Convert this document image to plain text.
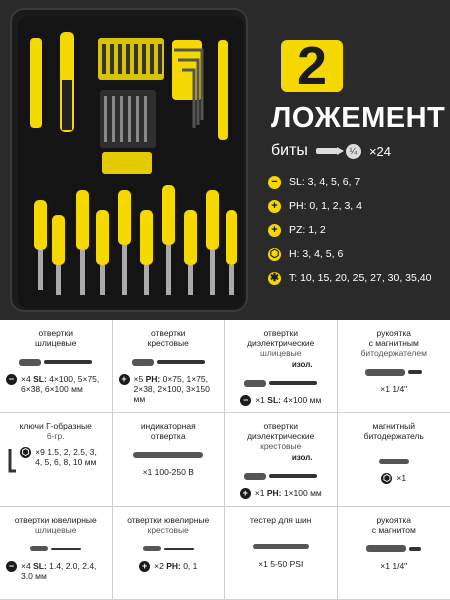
2
ЛОЖЕМЕНТ
биты	¼ ×24
−	SL: 3, 4, 5, 6, 7
+	PH: 0, 1, 2, 3, 4
+	PZ: 1, 2
⬡ H: 3, 4, 5, 6
✱ T: 10, 15, 20, 25, 27, 30, 35,40
отвертки
шлицевые
− ×4 SL: 4×100, 5×75, 6×38, 6×100 мм
отвертки
крестовые
+ ×5 PH: 0×75, 1×75, 2×38, 2×100, 3×150 мм
отвертки
диэлектрические
шлицевые
изол.
− ×1 SL: 4×100 мм
рукоятка
с магнитным
битодержателем
×1 1/4"
ключи Г-образные
6-гр.
⬡ ×9 1.5, 2, 2.5, 3, 4, 5, 6, 8, 10 мм
индикаторная
отвертка
×1 100-250 В
отвертки
диэлектрические
крестовые
изол.
+ ×1 PH: 1×100 мм
магнитный
битодержатель
⬡ ×1
отвертки ювелирные
шлицевые
− ×4 SL: 1.4, 2.0, 2.4, 3.0 мм
отвертки ювелирные
крестовые
+ ×2 PH: 0, 1
тестер для шин
×1 5-50 PSI
рукоятка
с магнитом
×1 1/4"
